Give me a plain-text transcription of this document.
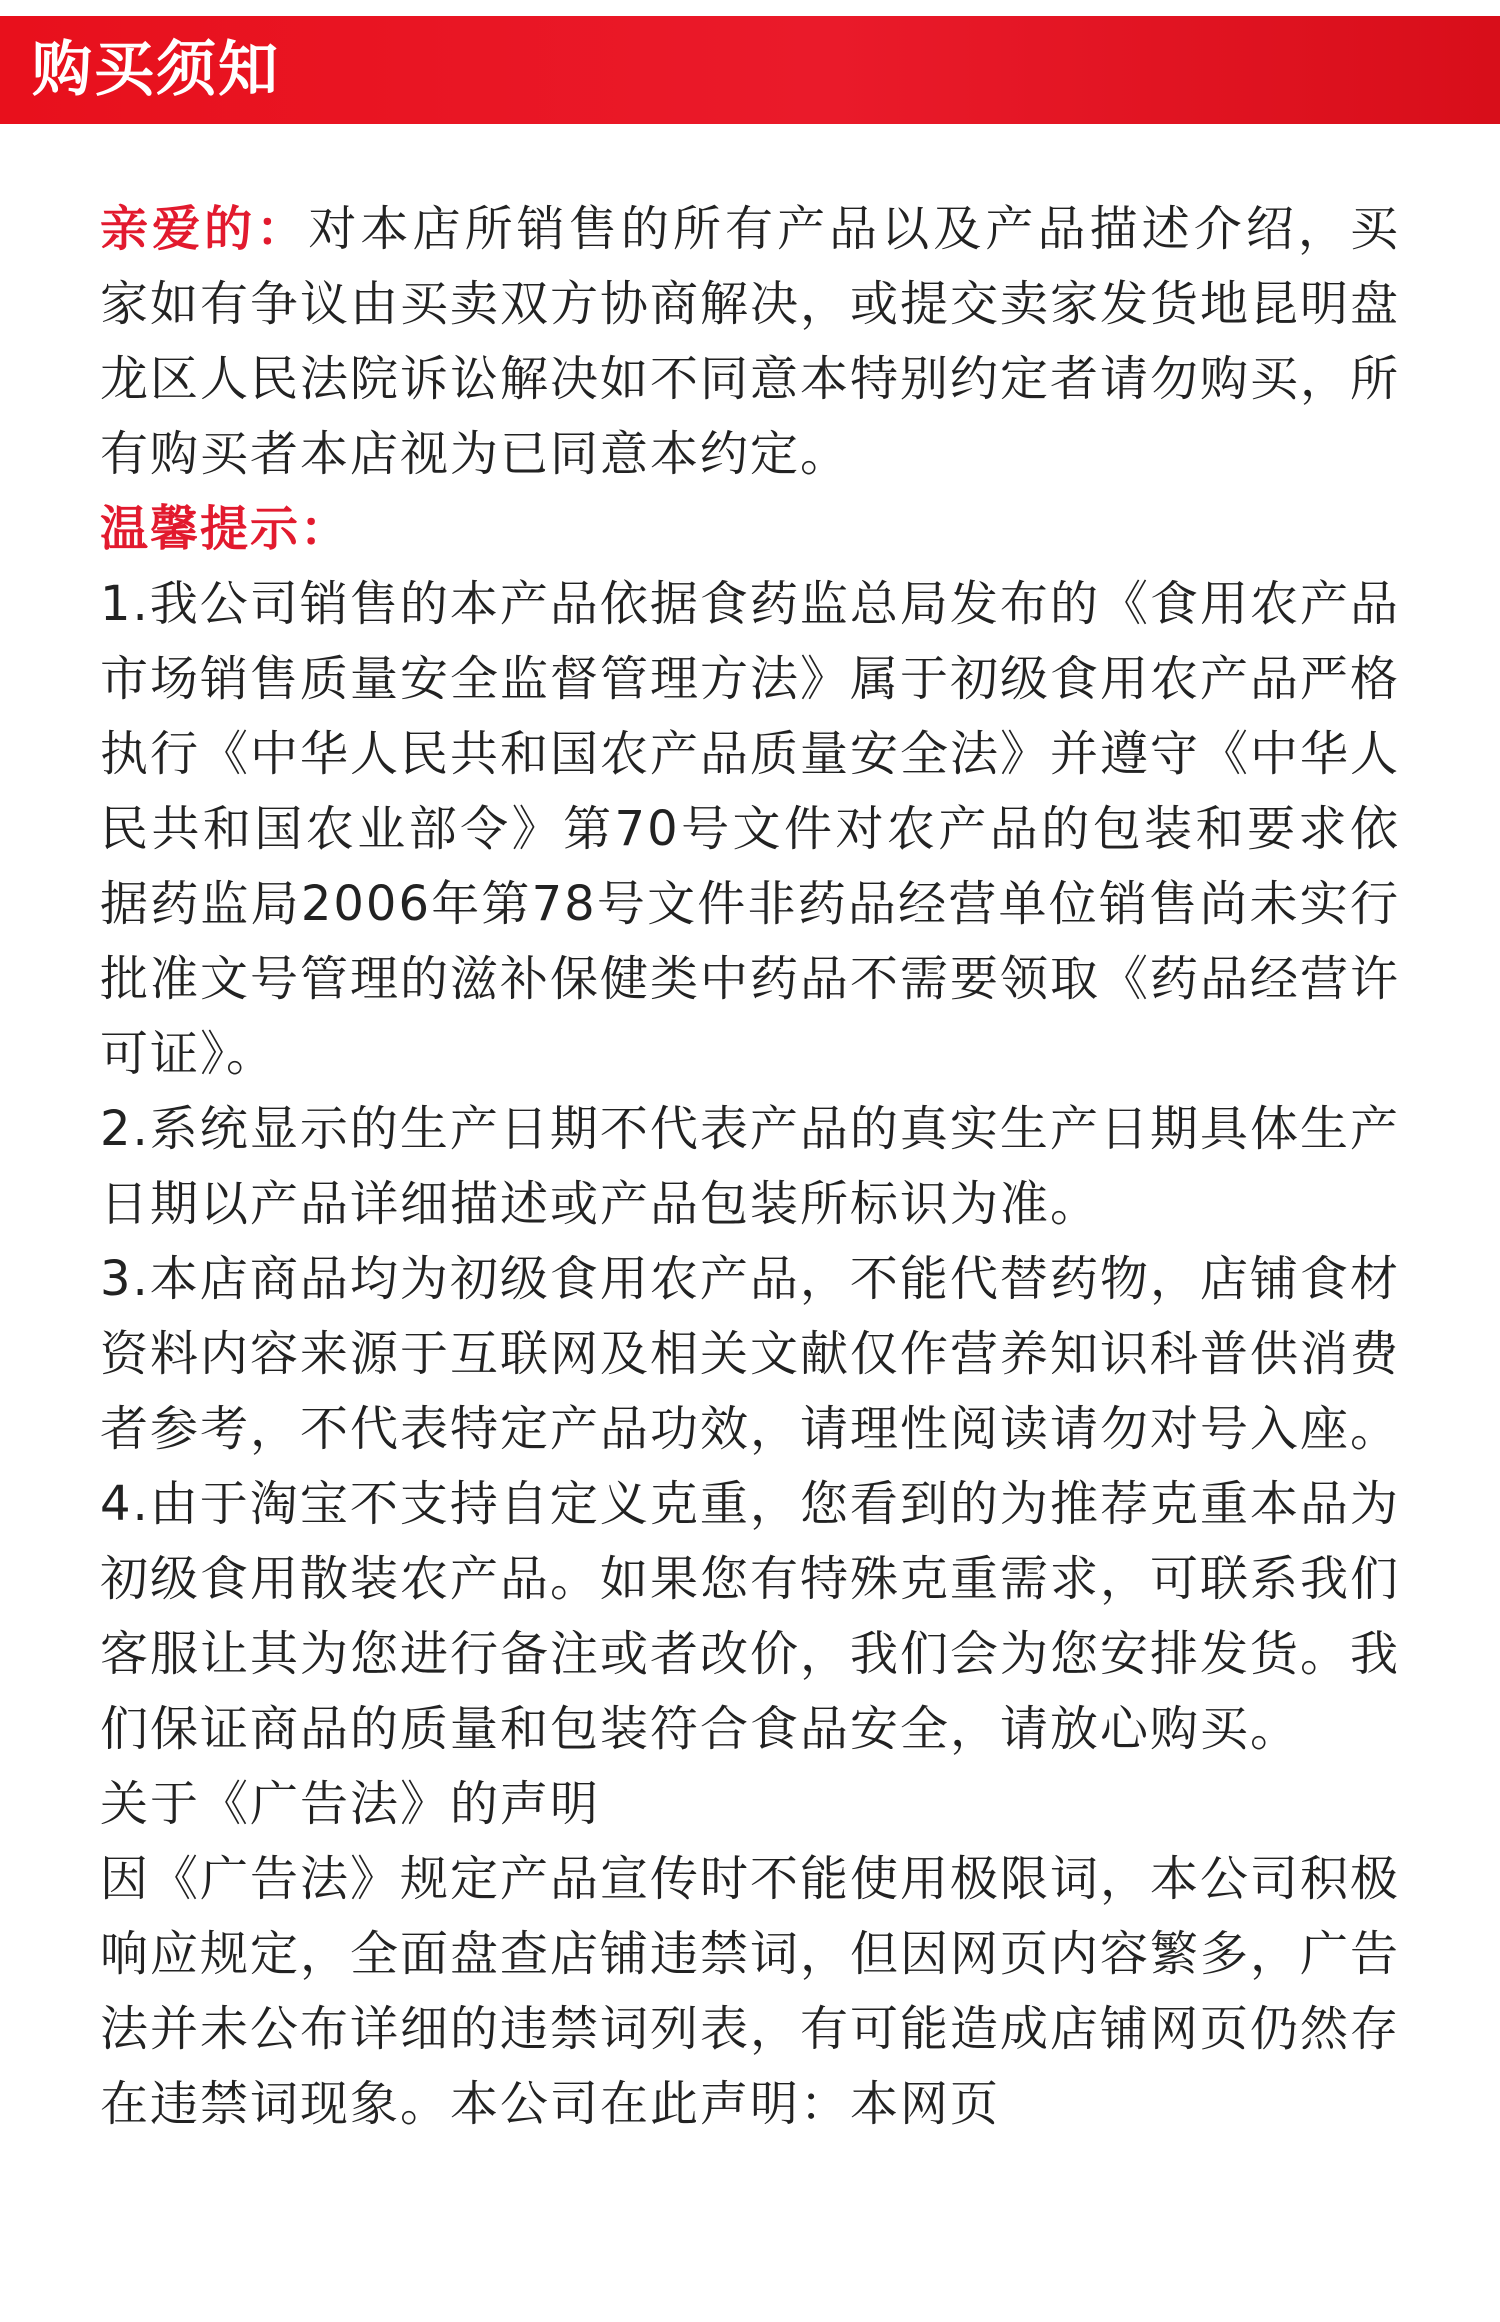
购买须知

亲爱的：对本店所销售的所有产品以及产品描述介绍，买家如有争议由买卖双方协商解决，或提交卖家发货地昆明盘龙区人民法院诉讼解决如不同意本特别约定者请勿购买，所有购买者本店视为已同意本约定。

温馨提示：

1.我公司销售的本产品依据食药监总局发布的《食用农产品市场销售质量安全监督管理方法》属于初级食用农产品严格执行《中华人民共和国农产品质量安全法》并遵守《中华人民共和国农业部令》第70号文件对农产品的包装和要求依据药监局2006年第78号文件非药品经营单位销售尚未实行批准文号管理的滋补保健类中药品不需要领取《药品经营许可证》。

2.系统显示的生产日期不代表产品的真实生产日期具体生产日期以产品详细描述或产品包装所标识为准。

3.本店商品均为初级食用农产品，不能代替药物，店铺食材资料内容来源于互联网及相关文献仅作营养知识科普供消费者参考，不代表特定产品功效，请理性阅读请勿对号入座。

4.由于淘宝不支持自定义克重，您看到的为推荐克重本品为初级食用散装农产品。如果您有特殊克重需求，可联系我们客服让其为您进行备注或者改价，我们会为您安排发货。我们保证商品的质量和包装符合食品安全，请放心购买。

关于《广告法》的声明

因《广告法》规定产品宣传时不能使用极限词，本公司积极响应规定，全面盘查店铺违禁词，但因网页内容繁多，广告法并未公布详细的违禁词列表，有可能造成店铺网页仍然存在违禁词现象。本公司在此声明：本网页
